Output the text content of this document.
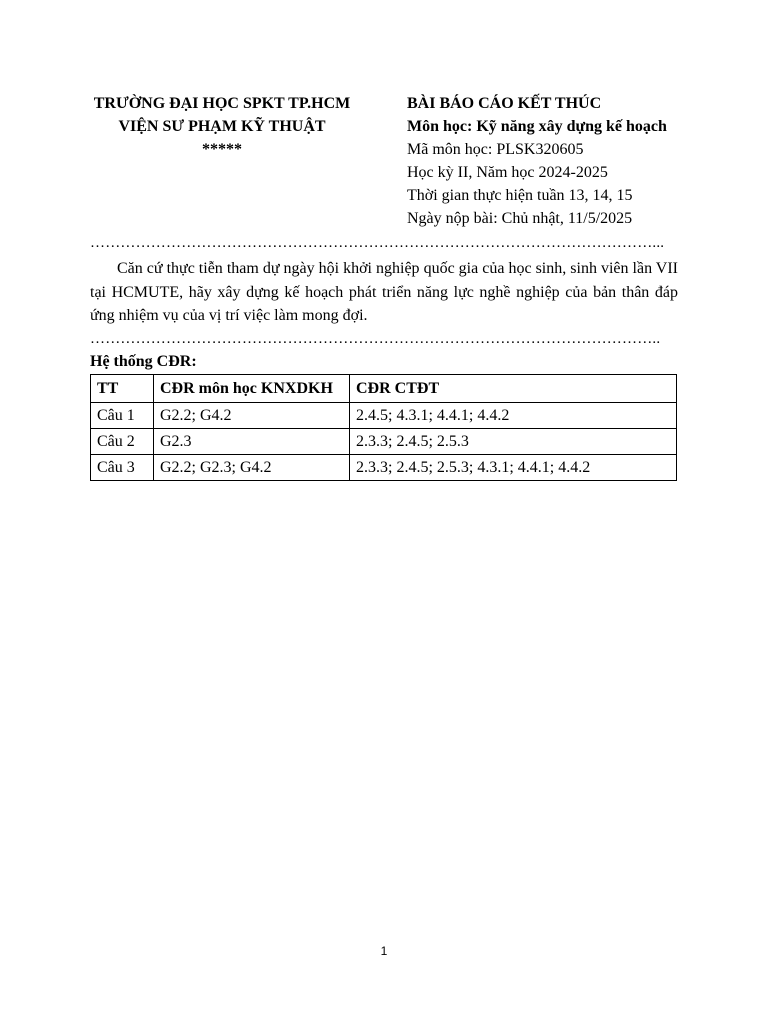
TRƯỜNG ĐẠI HỌC SPKT TP.HCM
VIỆN SƯ PHẠM KỸ THUẬT
*****
BÀI BÁO CÁO KẾT THÚC
Môn học: Kỹ năng xây dựng kế hoạch
Mã môn học: PLSK320605
Học kỳ II, Năm học 2024-2025
Thời gian thực hiện tuần 13, 14, 15
Ngày nộp bài: Chủ nhật, 11/5/2025
…………………………………………………………………………………………………...
Căn cứ thực tiễn tham dự ngày hội khởi nghiệp quốc gia của học sinh, sinh viên lần VII tại HCMUTE, hãy xây dựng kế hoạch phát triển năng lực nghề nghiệp của bản thân đáp ứng nhiệm vụ của vị trí việc làm mong đợi.
…………………………………………………………………………………………………..
Hệ thống CĐR:
TT	CĐR môn học KNXDKH	CĐR CTĐT
Câu 1	G2.2; G4.2	2.4.5; 4.3.1; 4.4.1; 4.4.2
Câu 2	G2.3	2.3.3; 2.4.5; 2.5.3
Câu 3	G2.2; G2.3; G4.2	2.3.3; 2.4.5; 2.5.3; 4.3.1; 4.4.1; 4.4.2
1
